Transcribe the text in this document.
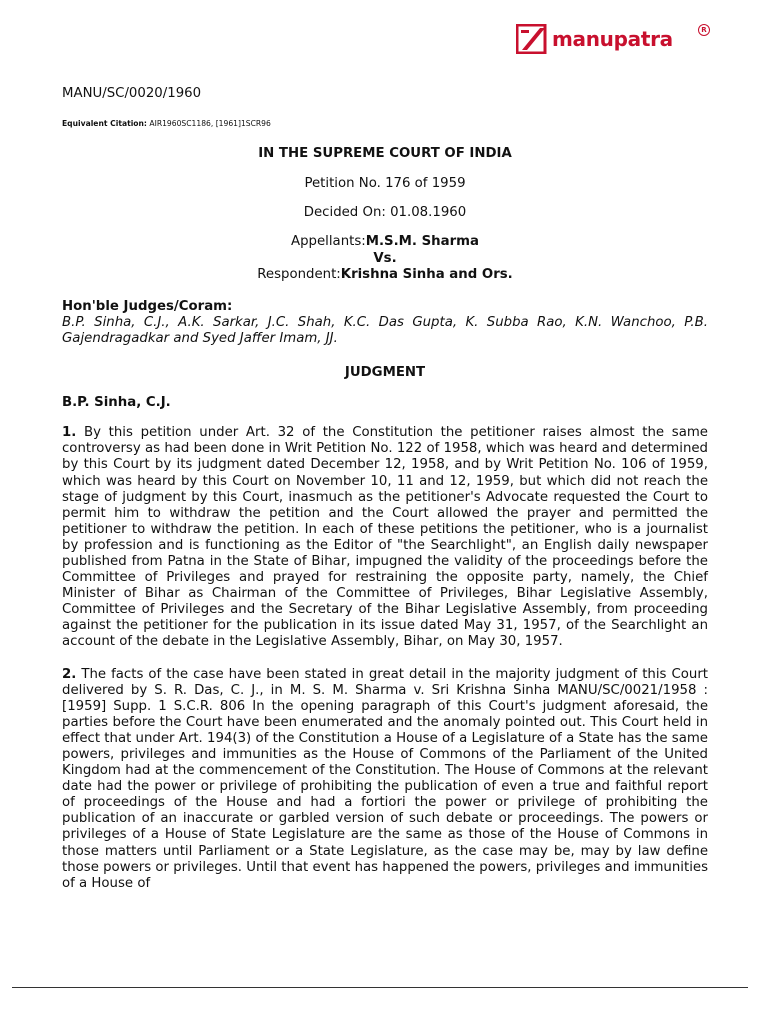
manupatra	R
MANU/SC/0020/1960
Equivalent Citation: AIR1960SC1186, [1961]1SCR96
IN THE SUPREME COURT OF INDIA
Petition No. 176 of 1959
Decided On: 01.08.1960
Appellants:M.S.M. Sharma
Vs.
Respondent:Krishna Sinha and Ors.
Hon'ble Judges/Coram:
B.P. Sinha, C.J., A.K. Sarkar, J.C. Shah, K.C. Das Gupta, K. Subba Rao, K.N. Wanchoo, P.B. Gajendragadkar and Syed Jaffer Imam, JJ.
JUDGMENT
B.P. Sinha, C.J.

1. By this petition under Art. 32 of the Constitution the petitioner raises almost the same controversy as had been done in Writ Petition No. 122 of 1958, which was heard and determined by this Court by its judgment dated December 12, 1958, and by Writ Petition No. 106 of 1959, which was heard by this Court on November 10, 11 and 12, 1959, but which did not reach the stage of judgment by this Court, inasmuch as the petitioner's Advocate requested the Court to permit him to withdraw the petition and the Court allowed the prayer and permitted the petitioner to withdraw the petition. In each of these petitions the petitioner, who is a journalist by profession and is functioning as the Editor of "the Searchlight", an English daily newspaper published from Patna in the State of Bihar, impugned the validity of the proceedings before the Committee of Privileges and prayed for restraining the opposite party, namely, the Chief Minister of Bihar as Chairman of the Committee of Privileges, Bihar Legislative Assembly, Committee of Privileges and the Secretary of the Bihar Legislative Assembly, from proceeding against the petitioner for the publication in its issue dated May 31, 1957, of the Searchlight an account of the debate in the Legislative Assembly, Bihar, on May 30, 1957.

2. The facts of the case have been stated in great detail in the majority judgment of this Court delivered by S. R. Das, C. J., in M. S. M. Sharma v. Sri Krishna Sinha MANU/SC/0021/1958 : [1959] Supp. 1 S.C.R. 806 In the opening paragraph of this Court's judgment aforesaid, the parties before the Court have been enumerated and the anomaly pointed out. This Court held in effect that under Art. 194(3) of the Constitution a House of a Legislature of a State has the same powers, privileges and immunities as the House of Commons of the Parliament of the United Kingdom had at the commencement of the Constitution. The House of Commons at the relevant date had the power or privilege of prohibiting the publication of even a true and faithful report of proceedings of the House and had a fortiori the power or privilege of prohibiting the publication of an inaccurate or garbled version of such debate or proceedings. The powers or privileges of a House of State Legislature are the same as those of the House of Commons in those matters until Parliament or a State Legislature, as the case may be, may by law define those powers or privileges. Until that event has happened the powers, privileges and immunities of a House of
